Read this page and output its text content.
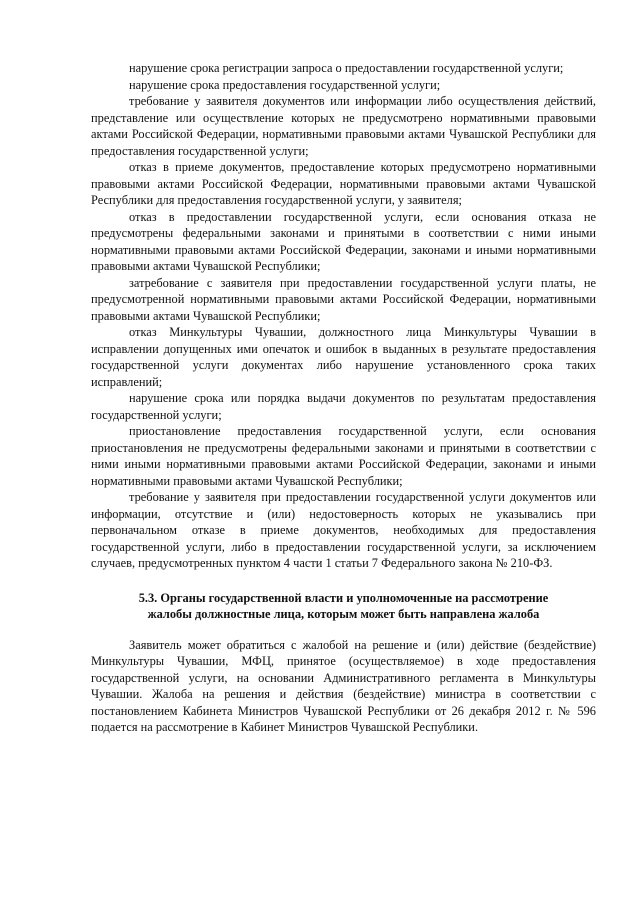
нарушение срока регистрации запроса о предоставлении государственной услуги;

нарушение срока предоставления государственной услуги;

требование у заявителя документов или информации либо осуществления действий, представление или осуществление которых не предусмотрено нормативными правовыми актами Российской Федерации, нормативными правовыми актами Чувашской Республики для предоставления государственной услуги;

отказ в приеме документов, предоставление которых предусмотрено нормативными правовыми актами Российской Федерации, нормативными правовыми актами Чувашской Республики для предоставления государственной услуги, у заявителя;

отказ в предоставлении государственной услуги, если основания отказа не предусмотрены федеральными законами и принятыми в соответствии с ними иными нормативными правовыми актами Российской Федерации, законами и иными нормативными правовыми актами Чувашской Республики;

затребование с заявителя при предоставлении государственной услуги платы, не предусмотренной нормативными правовыми актами Российской Федерации, нормативными правовыми актами Чувашской Республики;

отказ Минкультуры Чувашии, должностного лица Минкультуры Чувашии в исправлении допущенных ими опечаток и ошибок в выданных в результате предоставления государственной услуги документах либо нарушение установленного срока таких исправлений;

нарушение срока или порядка выдачи документов по результатам предоставления государственной услуги;

приостановление предоставления государственной услуги, если основания приостановления не предусмотрены федеральными законами и принятыми в соответствии с ними иными нормативными правовыми актами Российской Федерации, законами и иными нормативными правовыми актами Чувашской Республики;

требование у заявителя при предоставлении государственной услуги документов или информации, отсутствие и (или) недостоверность которых не указывались при первоначальном отказе в приеме документов, необходимых для предоставления государственной услуги, либо в предоставлении государственной услуги, за исключением случаев, предусмотренных пунктом 4 части 1 статьи 7 Федерального закона № 210-ФЗ.

5.3. Органы государственной власти и уполномоченные на рассмотрение
жалобы должностные лица, которым может быть направлена жалоба

Заявитель может обратиться с жалобой на решение и (или) действие (бездействие) Минкультуры Чувашии, МФЦ, принятое (осуществляемое) в ходе предоставления государственной услуги, на основании Административного регламента в Минкультуры Чувашии. Жалоба на решения и действия (бездействие) министра в соответствии с постановлением Кабинета Министров Чувашской Республики от 26 декабря 2012 г. № 596 подается на рассмотрение в Кабинет Министров Чувашской Республики.
